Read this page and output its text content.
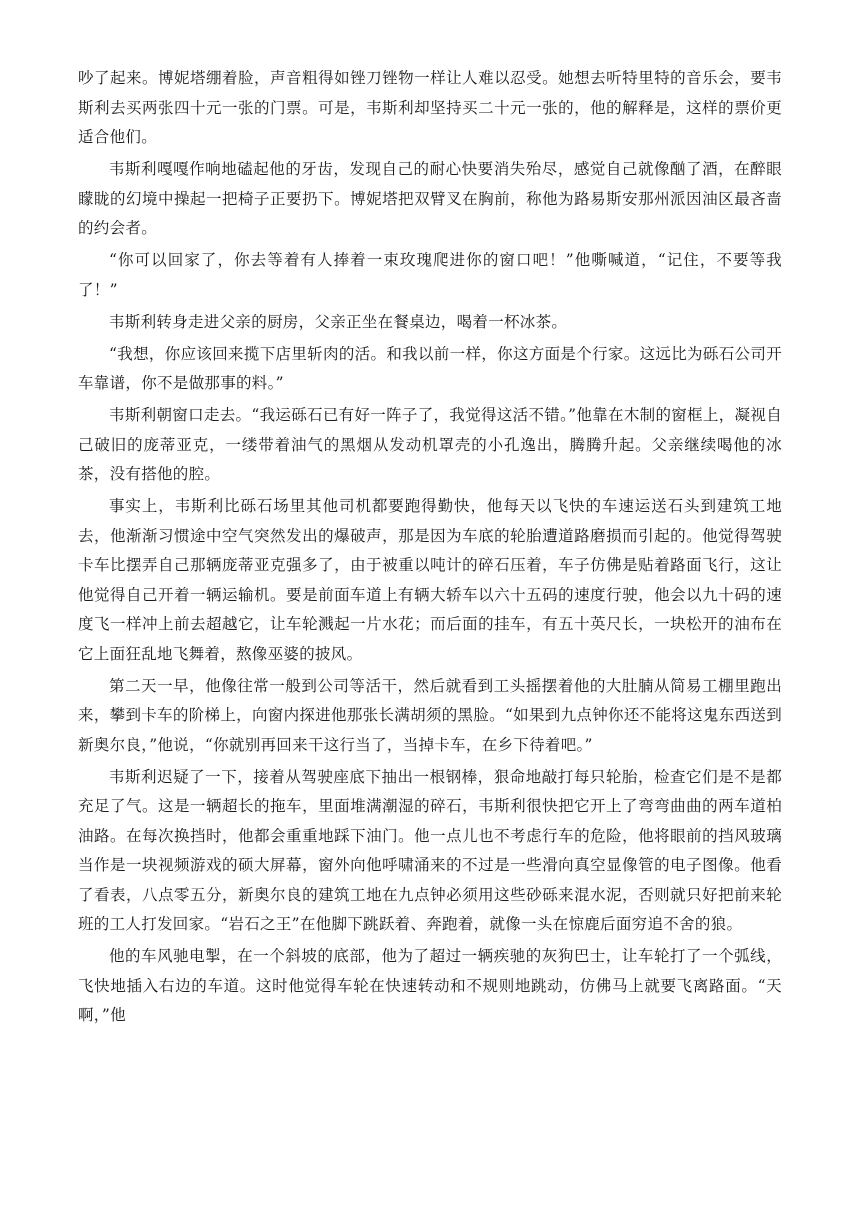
吵了起来。博妮塔绷着脸，声音粗得如锉刀锉物一样让人难以忍受。她想去听特里特的音乐会，要韦斯利去买两张四十元一张的门票。可是，韦斯利却坚持买二十元一张的，他的解释是，这样的票价更适合他们。

韦斯利嘎嘎作响地磕起他的牙齿，发现自己的耐心快要消失殆尽，感觉自己就像酗了酒，在醉眼矇眬的幻境中操起一把椅子正要扔下。博妮塔把双臂叉在胸前，称他为路易斯安那州派因油区最吝啬的约会者。

“你可以回家了，你去等着有人捧着一束玫瑰爬进你的窗口吧！”他嘶喊道，“记住，不要等我了！”

韦斯利转身走进父亲的厨房，父亲正坐在餐桌边，喝着一杯冰茶。

“我想，你应该回来揽下店里斩肉的活。和我以前一样，你这方面是个行家。这远比为砾石公司开车靠谱，你不是做那事的料。”

韦斯利朝窗口走去。“我运砾石已有好一阵子了，我觉得这活不错。”他靠在木制的窗框上，凝视自己破旧的庞蒂亚克，一缕带着油气的黑烟从发动机罩壳的小孔逸出，腾腾升起。父亲继续喝他的冰茶，没有搭他的腔。

事实上，韦斯利比砾石场里其他司机都要跑得勤快，他每天以飞快的车速运送石头到建筑工地去，他渐渐习惯途中空气突然发出的爆破声，那是因为车底的轮胎遭道路磨损而引起的。他觉得驾驶卡车比摆弄自己那辆庞蒂亚克强多了，由于被重以吨计的碎石压着，车子仿佛是贴着路面飞行，这让他觉得自己开着一辆运输机。要是前面车道上有辆大轿车以六十五码的速度行驶，他会以九十码的速度飞一样冲上前去超越它，让车轮溅起一片水花；而后面的挂车，有五十英尺长，一块松开的油布在它上面狂乱地飞舞着，熬像巫婆的披风。

第二天一早，他像往常一般到公司等活干，然后就看到工头摇摆着他的大肚腩从简易工棚里跑出来，攀到卡车的阶梯上，向窗内探进他那张长满胡须的黑脸。“如果到九点钟你还不能将这鬼东西送到新奥尔良，”他说，“你就别再回来干这行当了，当掉卡车，在乡下待着吧。”

韦斯利迟疑了一下，接着从驾驶座底下抽出一根钢棒，狠命地敲打每只轮胎，检查它们是不是都充足了气。这是一辆超长的拖车，里面堆满潮湿的碎石，韦斯利很快把它开上了弯弯曲曲的两车道柏油路。在每次换挡时，他都会重重地踩下油门。他一点儿也不考虑行车的危险，他将眼前的挡风玻璃当作是一块视频游戏的硕大屏幕，窗外向他呼啸涌来的不过是一些滑向真空显像管的电子图像。他看了看表，八点零五分，新奥尔良的建筑工地在九点钟必须用这些砂砾来混水泥，否则就只好把前来轮班的工人打发回家。“岩石之王”在他脚下跳跃着、奔跑着，就像一头在惊鹿后面穷追不舍的狼。

他的车风驰电掣，在一个斜坡的底部，他为了超过一辆疾驰的灰狗巴士，让车轮打了一个弧线，飞快地插入右边的车道。这时他觉得车轮在快速转动和不规则地跳动，仿佛马上就要飞离路面。“天啊，”他
